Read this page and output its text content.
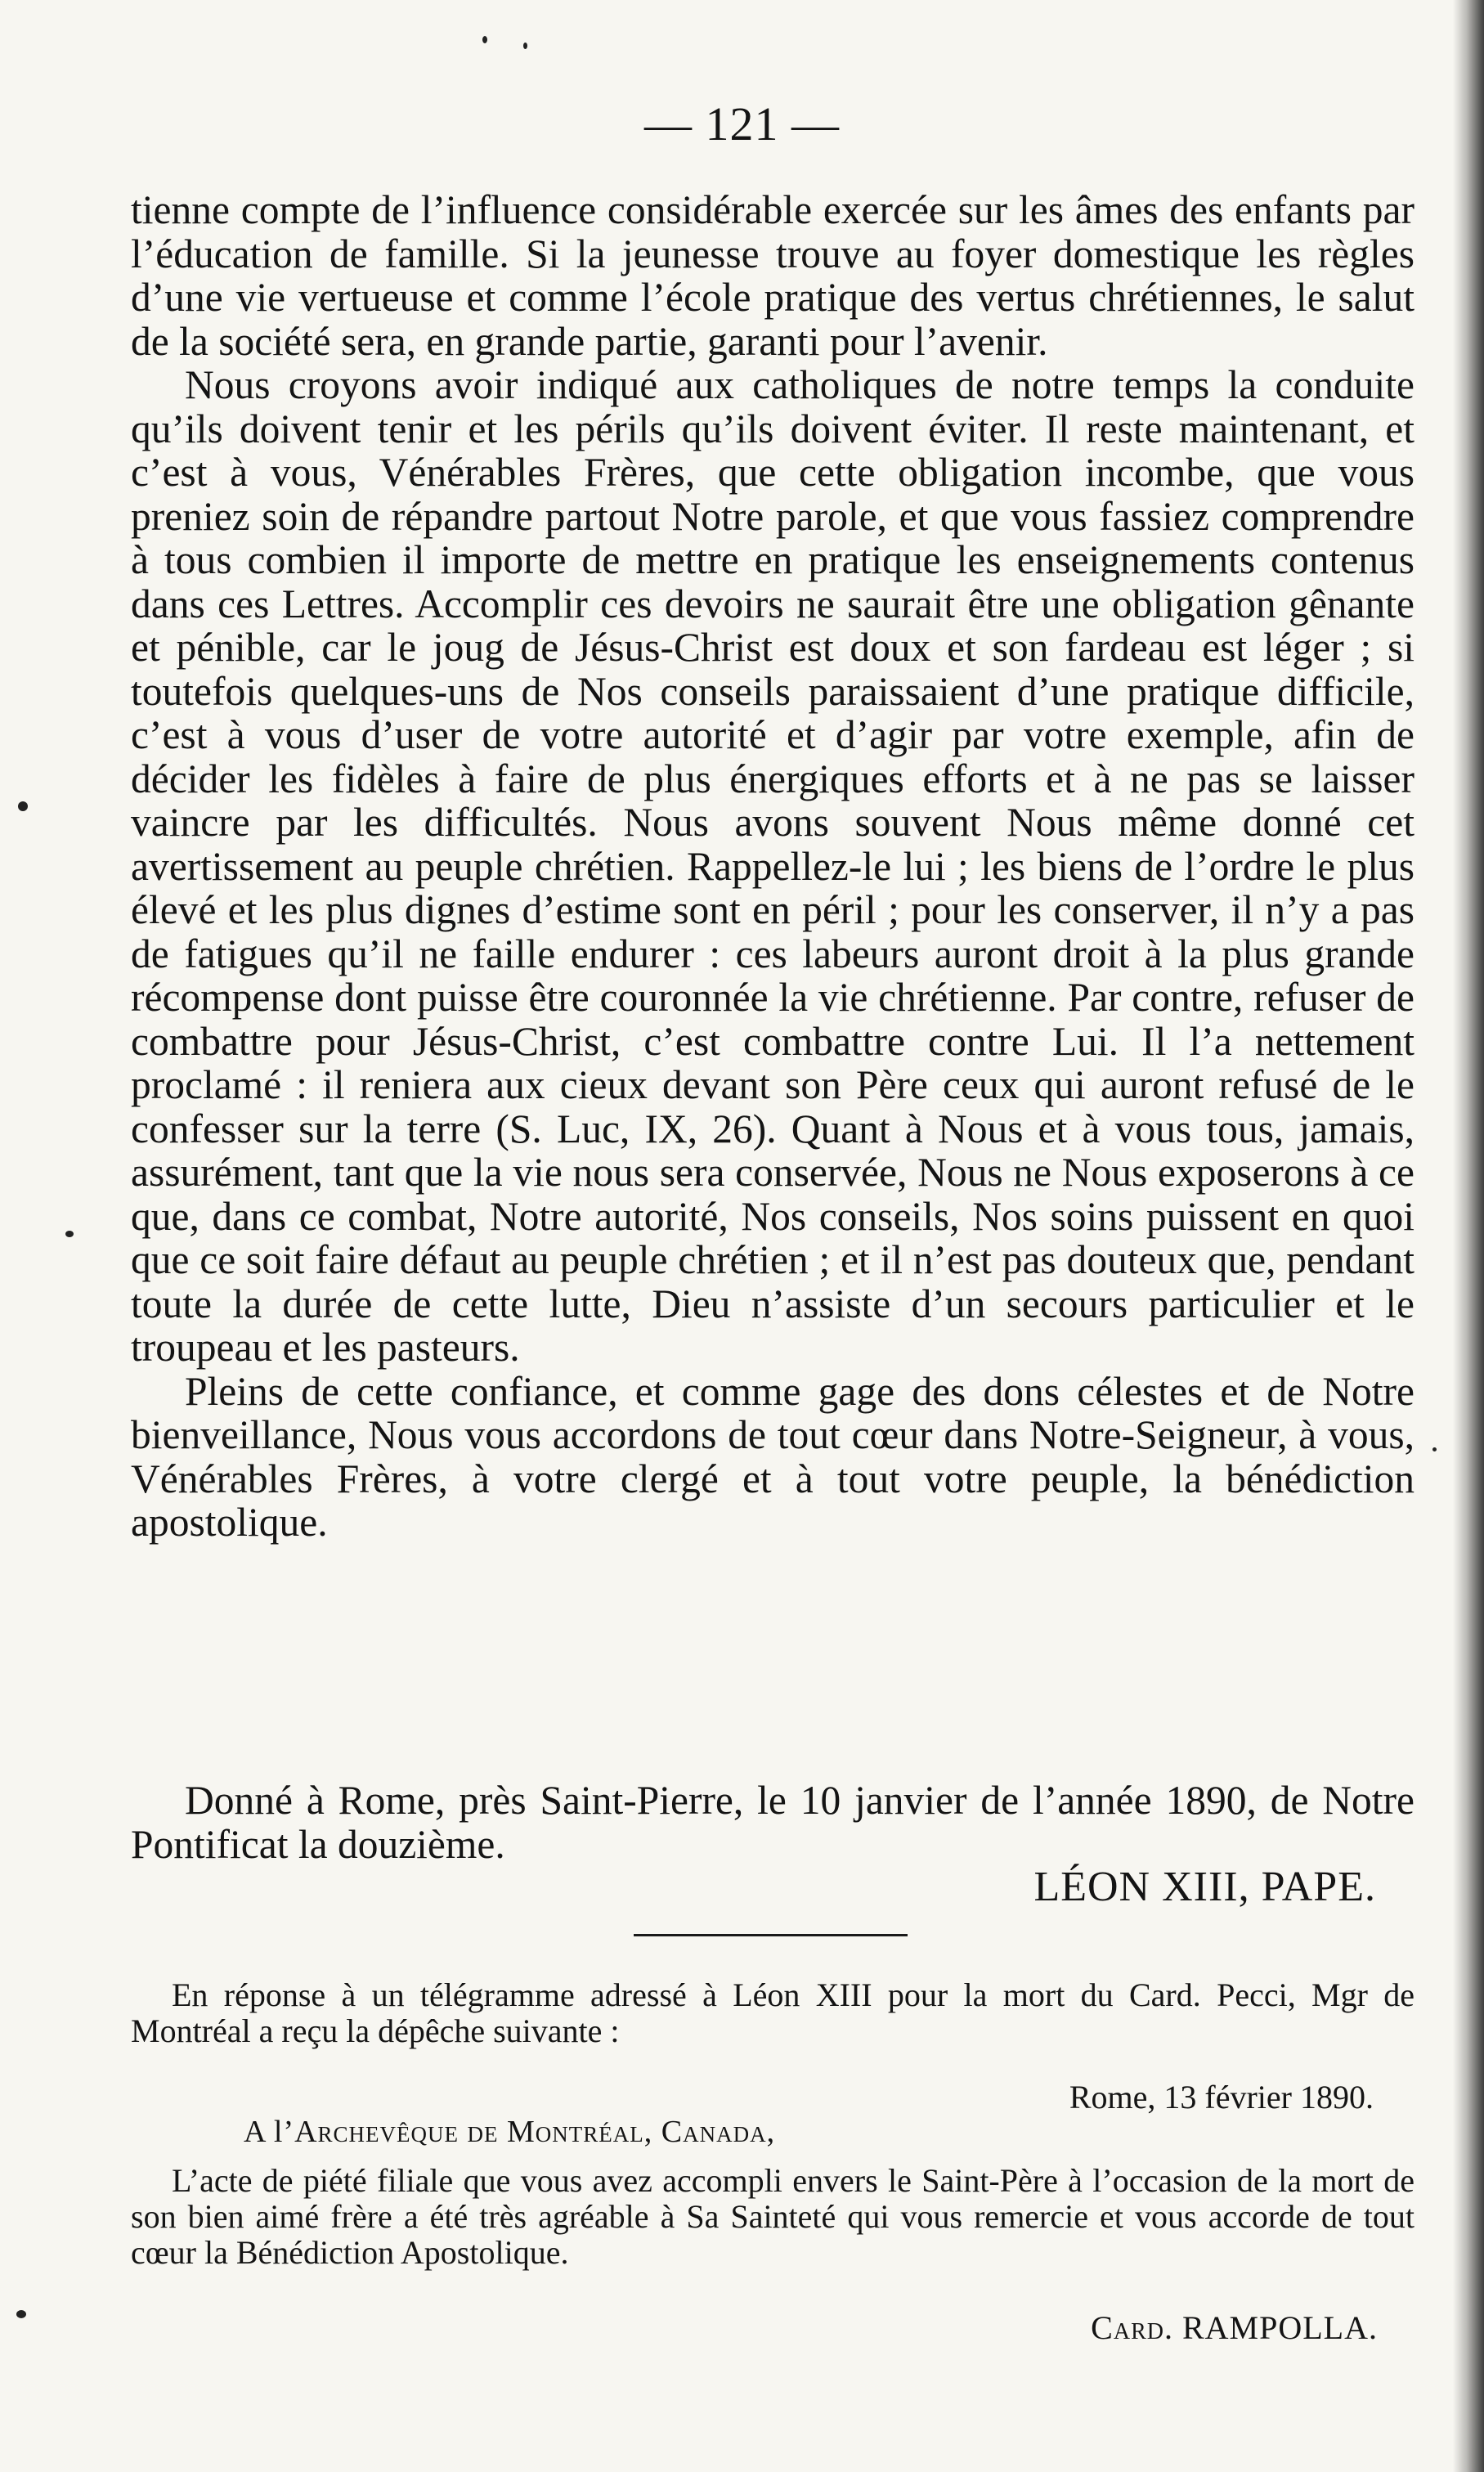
— 121 —

tienne compte de l’influence considérable exercée sur les âmes des enfants par l’éducation de famille. Si la jeunesse trouve au foyer domestique les règles d’une vie vertueuse et comme l’école pratique des vertus chrétiennes, le salut de la société sera, en grande partie, garanti pour l’avenir.

Nous croyons avoir indiqué aux catholiques de notre temps la conduite qu’ils doivent tenir et les périls qu’ils doivent éviter. Il reste maintenant, et c’est à vous, Vénérables Frères, que cette obligation incombe, que vous preniez soin de répandre partout Notre parole, et que vous fassiez comprendre à tous combien il importe de mettre en pratique les enseignements contenus dans ces Lettres. Accomplir ces devoirs ne saurait être une obligation gênante et pénible, car le joug de Jésus-Christ est doux et son fardeau est léger ; si toutefois quelques-uns de Nos conseils paraissaient d’une pratique difficile, c’est à vous d’user de votre autorité et d’agir par votre exemple, afin de décider les fidèles à faire de plus énergiques efforts et à ne pas se laisser vaincre par les difficultés. Nous avons souvent Nous même donné cet avertissement au peuple chrétien. Rappellez-le lui ; les biens de l’ordre le plus élevé et les plus dignes d’estime sont en péril ; pour les conserver, il n’y a pas de fatigues qu’il ne faille endurer : ces labeurs auront droit à la plus grande récompense dont puisse être couronnée la vie chrétienne. Par contre, refuser de combattre pour Jésus-Christ, c’est combattre contre Lui. Il l’a nettement proclamé : il reniera aux cieux devant son Père ceux qui auront refusé de le confesser sur la terre (S. Luc, IX, 26). Quant à Nous et à vous tous, jamais, assurément, tant que la vie nous sera conservée, Nous ne Nous exposerons à ce que, dans ce combat, Notre autorité, Nos conseils, Nos soins puissent en quoi que ce soit faire défaut au peuple chrétien ; et il n’est pas douteux que, pendant toute la durée de cette lutte, Dieu n’assiste d’un secours particulier et le troupeau et les pasteurs.

Pleins de cette confiance, et comme gage des dons célestes et de Notre bienveillance, Nous vous accordons de tout cœur dans Notre-Seigneur, à vous, Vénérables Frères, à votre clergé et à tout votre peuple, la bénédiction apostolique.

Donné à Rome, près Saint-Pierre, le 10 janvier de l’année 1890, de Notre Pontificat la douzième.

LÉON XIII, PAPE.

En réponse à un télégramme adressé à Léon XIII pour la mort du Card. Pecci, Mgr de Montréal a reçu la dépêche suivante :

Rome, 13 février 1890.
A l’Archevêque de Montréal, Canada,

L’acte de piété filiale que vous avez accompli envers le Saint-Père à l’occasion de la mort de son bien aimé frère a été très agréable à Sa Sainteté qui vous remercie et vous accorde de tout cœur la Bénédiction Apostolique.

Card. RAMPOLLA.
